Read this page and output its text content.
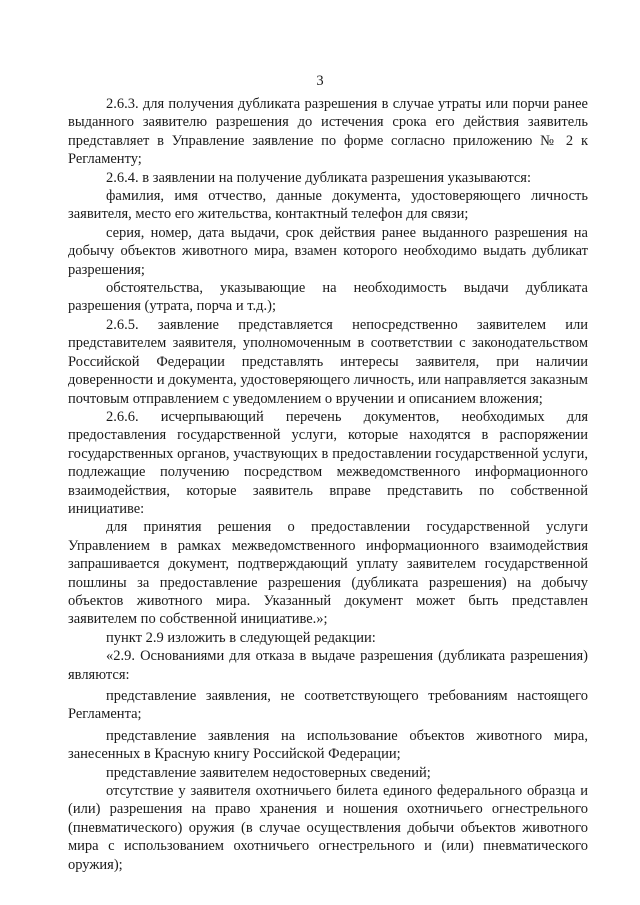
3

2.6.3. для получения дубликата разрешения в случае утраты или порчи ранее выданного заявителю разрешения до истечения срока его действия заявитель представляет в Управление заявление по форме согласно приложению № 2 к Регламенту;

2.6.4. в заявлении на получение дубликата разрешения указываются:

фамилия, имя отчество, данные документа, удостоверяющего личность заявителя, место его жительства, контактный телефон для связи;

серия, номер, дата выдачи, срок действия ранее выданного разрешения на добычу объектов животного мира, взамен которого необходимо выдать дубликат разрешения;

обстоятельства, указывающие на необходимость выдачи дубликата разрешения (утрата, порча и т.д.);

2.6.5. заявление представляется непосредственно заявителем или представителем заявителя, уполномоченным в соответствии с законодательством Российской Федерации представлять интересы заявителя, при наличии доверенности и документа, удостоверяющего личность, или направляется заказным почтовым отправлением с уведомлением о вручении и описанием вложения;

2.6.6. исчерпывающий перечень документов, необходимых для предоставления государственной услуги, которые находятся в распоряжении государственных органов, участвующих в предоставлении государственной услуги, подлежащие получению посредством межведомственного информационного взаимодействия, которые заявитель вправе представить по собственной инициативе:

для принятия решения о предоставлении государственной услуги Управлением в рамках межведомственного информационного взаимодействия запрашивается документ, подтверждающий уплату заявителем государственной пошлины за предоставление разрешения (дубликата разрешения) на добычу объектов животного мира. Указанный документ может быть представлен заявителем по собственной инициативе.»;

пункт 2.9 изложить в следующей редакции:

«2.9. Основаниями для отказа в выдаче разрешения (дубликата разрешения) являются:

представление заявления, не соответствующего требованиям настоящего Регламента;

представление заявления на использование объектов животного мира, занесенных в Красную книгу Российской Федерации;

представление заявителем недостоверных сведений;

отсутствие у заявителя охотничьего билета единого федерального образца и (или) разрешения на право хранения и ношения охотничьего огнестрельного (пневматического) оружия (в случае осуществления добычи объектов животного мира с использованием охотничьего огнестрельного и (или) пневматического оружия);
